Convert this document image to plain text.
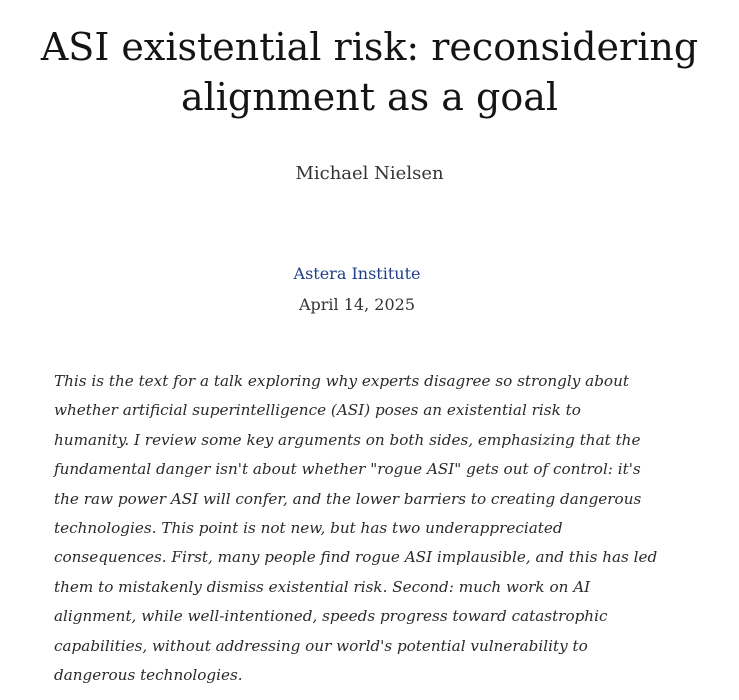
ASI existential risk: reconsidering
alignment as a goal
Michael Nielsen
Astera Institute
April 14, 2025
This is the text for a talk exploring why experts disagree so strongly about
whether artificial superintelligence (ASI) poses an existential risk to
humanity. I review some key arguments on both sides, emphasizing that the
fundamental danger isn't about whether "rogue ASI" gets out of control: it's
the raw power ASI will confer, and the lower barriers to creating dangerous
technologies. This point is not new, but has two underappreciated
consequences. First, many people find rogue ASI implausible, and this has led
them to mistakenly dismiss existential risk. Second: much work on AI
alignment, while well-intentioned, speeds progress toward catastrophic
capabilities, without addressing our world's potential vulnerability to
dangerous technologies.
